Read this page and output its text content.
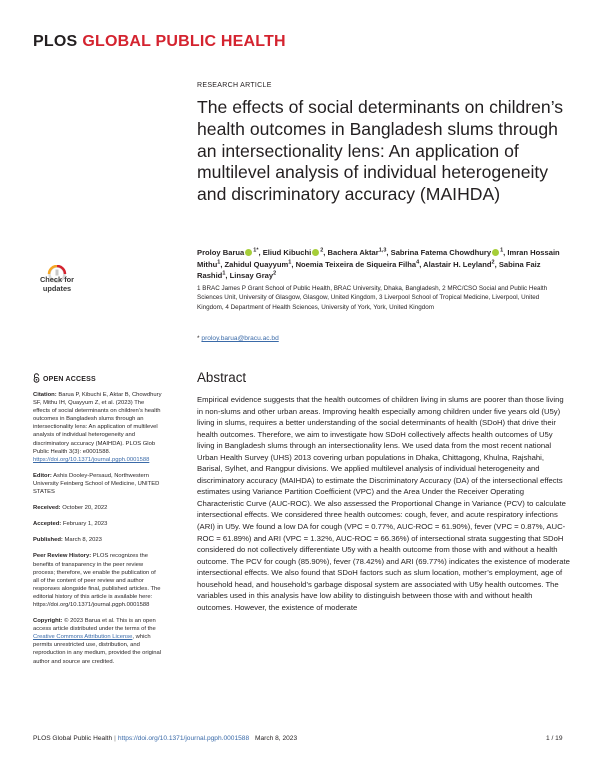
PLOS GLOBAL PUBLIC HEALTH
Check for updates
OPEN ACCESS

Citation: Barua P, Kibuchi E, Aktar B, Chowdhury SF, Mithu IH, Quayyum Z, et al. (2023) The effects of social determinants on children’s health outcomes in Bangladesh slums through an intersectionality lens: An application of multilevel analysis of individual heterogeneity and discriminatory accuracy (MAIHDA). PLOS Glob Public Health 3(3): e0001588. https://doi.org/10.1371/journal.pgph.0001588

Editor: Ashis Dooley-Persaud, Northwestern University Feinberg School of Medicine, UNITED STATES

Received: October 20, 2022

Accepted: February 1, 2023

Published: March 8, 2023

Peer Review History: PLOS recognizes the benefits of transparency in the peer review process; therefore, we enable the publication of all of the content of peer review and author responses alongside final, published articles. The editorial history of this article is available here: https://doi.org/10.1371/journal.pgph.0001588

Copyright: © 2023 Barua et al. This is an open access article distributed under the terms of the Creative Commons Attribution License, which permits unrestricted use, distribution, and reproduction in any medium, provided the original author and source are credited.

RESEARCH ARTICLE
The effects of social determinants on children’s health outcomes in Bangladesh slums through an intersectionality lens: An application of multilevel analysis of individual heterogeneity and discriminatory accuracy (MAIHDA)
Proloy Barua $^{1*}$, Eliud Kibuchi $^2$, Bachera Aktar$^{1,3}$, Sabrina Fatema Chowdhury $^1$, Imran Hossain Mithu$^1$, Zahidul Quayyum$^1$, Noemia Teixeira de Siqueira Filha$^4$, Alastair H. Leyland$^2$, Sabina Faiz Rashid$^1$, Linsay Gray$^2$
1 BRAC James P Grant School of Public Health, BRAC University, Dhaka, Bangladesh, 2 MRC/CSO Social and Public Health Sciences Unit, University of Glasgow, Glasgow, United Kingdom, 3 Liverpool School of Tropical Medicine, Liverpool, United Kingdom, 4 Department of Health Sciences, University of York, York, United Kingdom
* proloy.barua@bracu.ac.bd
Abstract
Empirical evidence suggests that the health outcomes of children living in slums are poorer than those living in non-slums and other urban areas. Improving health especially among children under five years old (U5y) living in slums, requires a better understanding of the social determinants of health (SDoH) that drive their health outcomes. Therefore, we aim to investigate how SDoH collectively affects health outcomes of U5y living in Bangladesh slums through an intersectionality lens. We used data from the most recent national Urban Health Survey (UHS) 2013 covering urban populations in Dhaka, Chittagong, Khulna, Rajshahi, Barisal, Sylhet, and Rangpur divisions. We applied multilevel analysis of individual heterogeneity and discriminatory accuracy (MAIHDA) to estimate the Discriminatory Accuracy (DA) of the intersectional effects estimates using Variance Partition Coefficient (VPC) and the Area Under the Receiver Operating Characteristic Curve (AUC-ROC). We also assessed the Proportional Change in Variance (PCV) to calculate intersectional effects. We considered three health outcomes: cough, fever, and acute respiratory infections (ARI) in U5y. We found a low DA for cough (VPC = 0.77%, AUC-ROC = 61.90%), fever (VPC = 0.87%, AUC-ROC = 61.89%) and ARI (VPC = 1.32%, AUC-ROC = 66.36%) of intersectional strata suggesting that SDoH considered do not collectively differentiate U5y with a health outcome from those with and without a health outcome. The PCV for cough (85.90%), fever (78.42%) and ARI (69.77%) indicates the existence of moderate intersectional effects. We also found that SDoH factors such as slum location, mother’s employment, age of household head, and household’s garbage disposal system are associated with U5y health outcomes. The variables used in this analysis have low ability to distinguish between those with and without health outcomes. However, the existence of moderate
PLOS Global Public Health | https://doi.org/10.1371/journal.pgph.0001588 March 8, 2023	1 / 19
